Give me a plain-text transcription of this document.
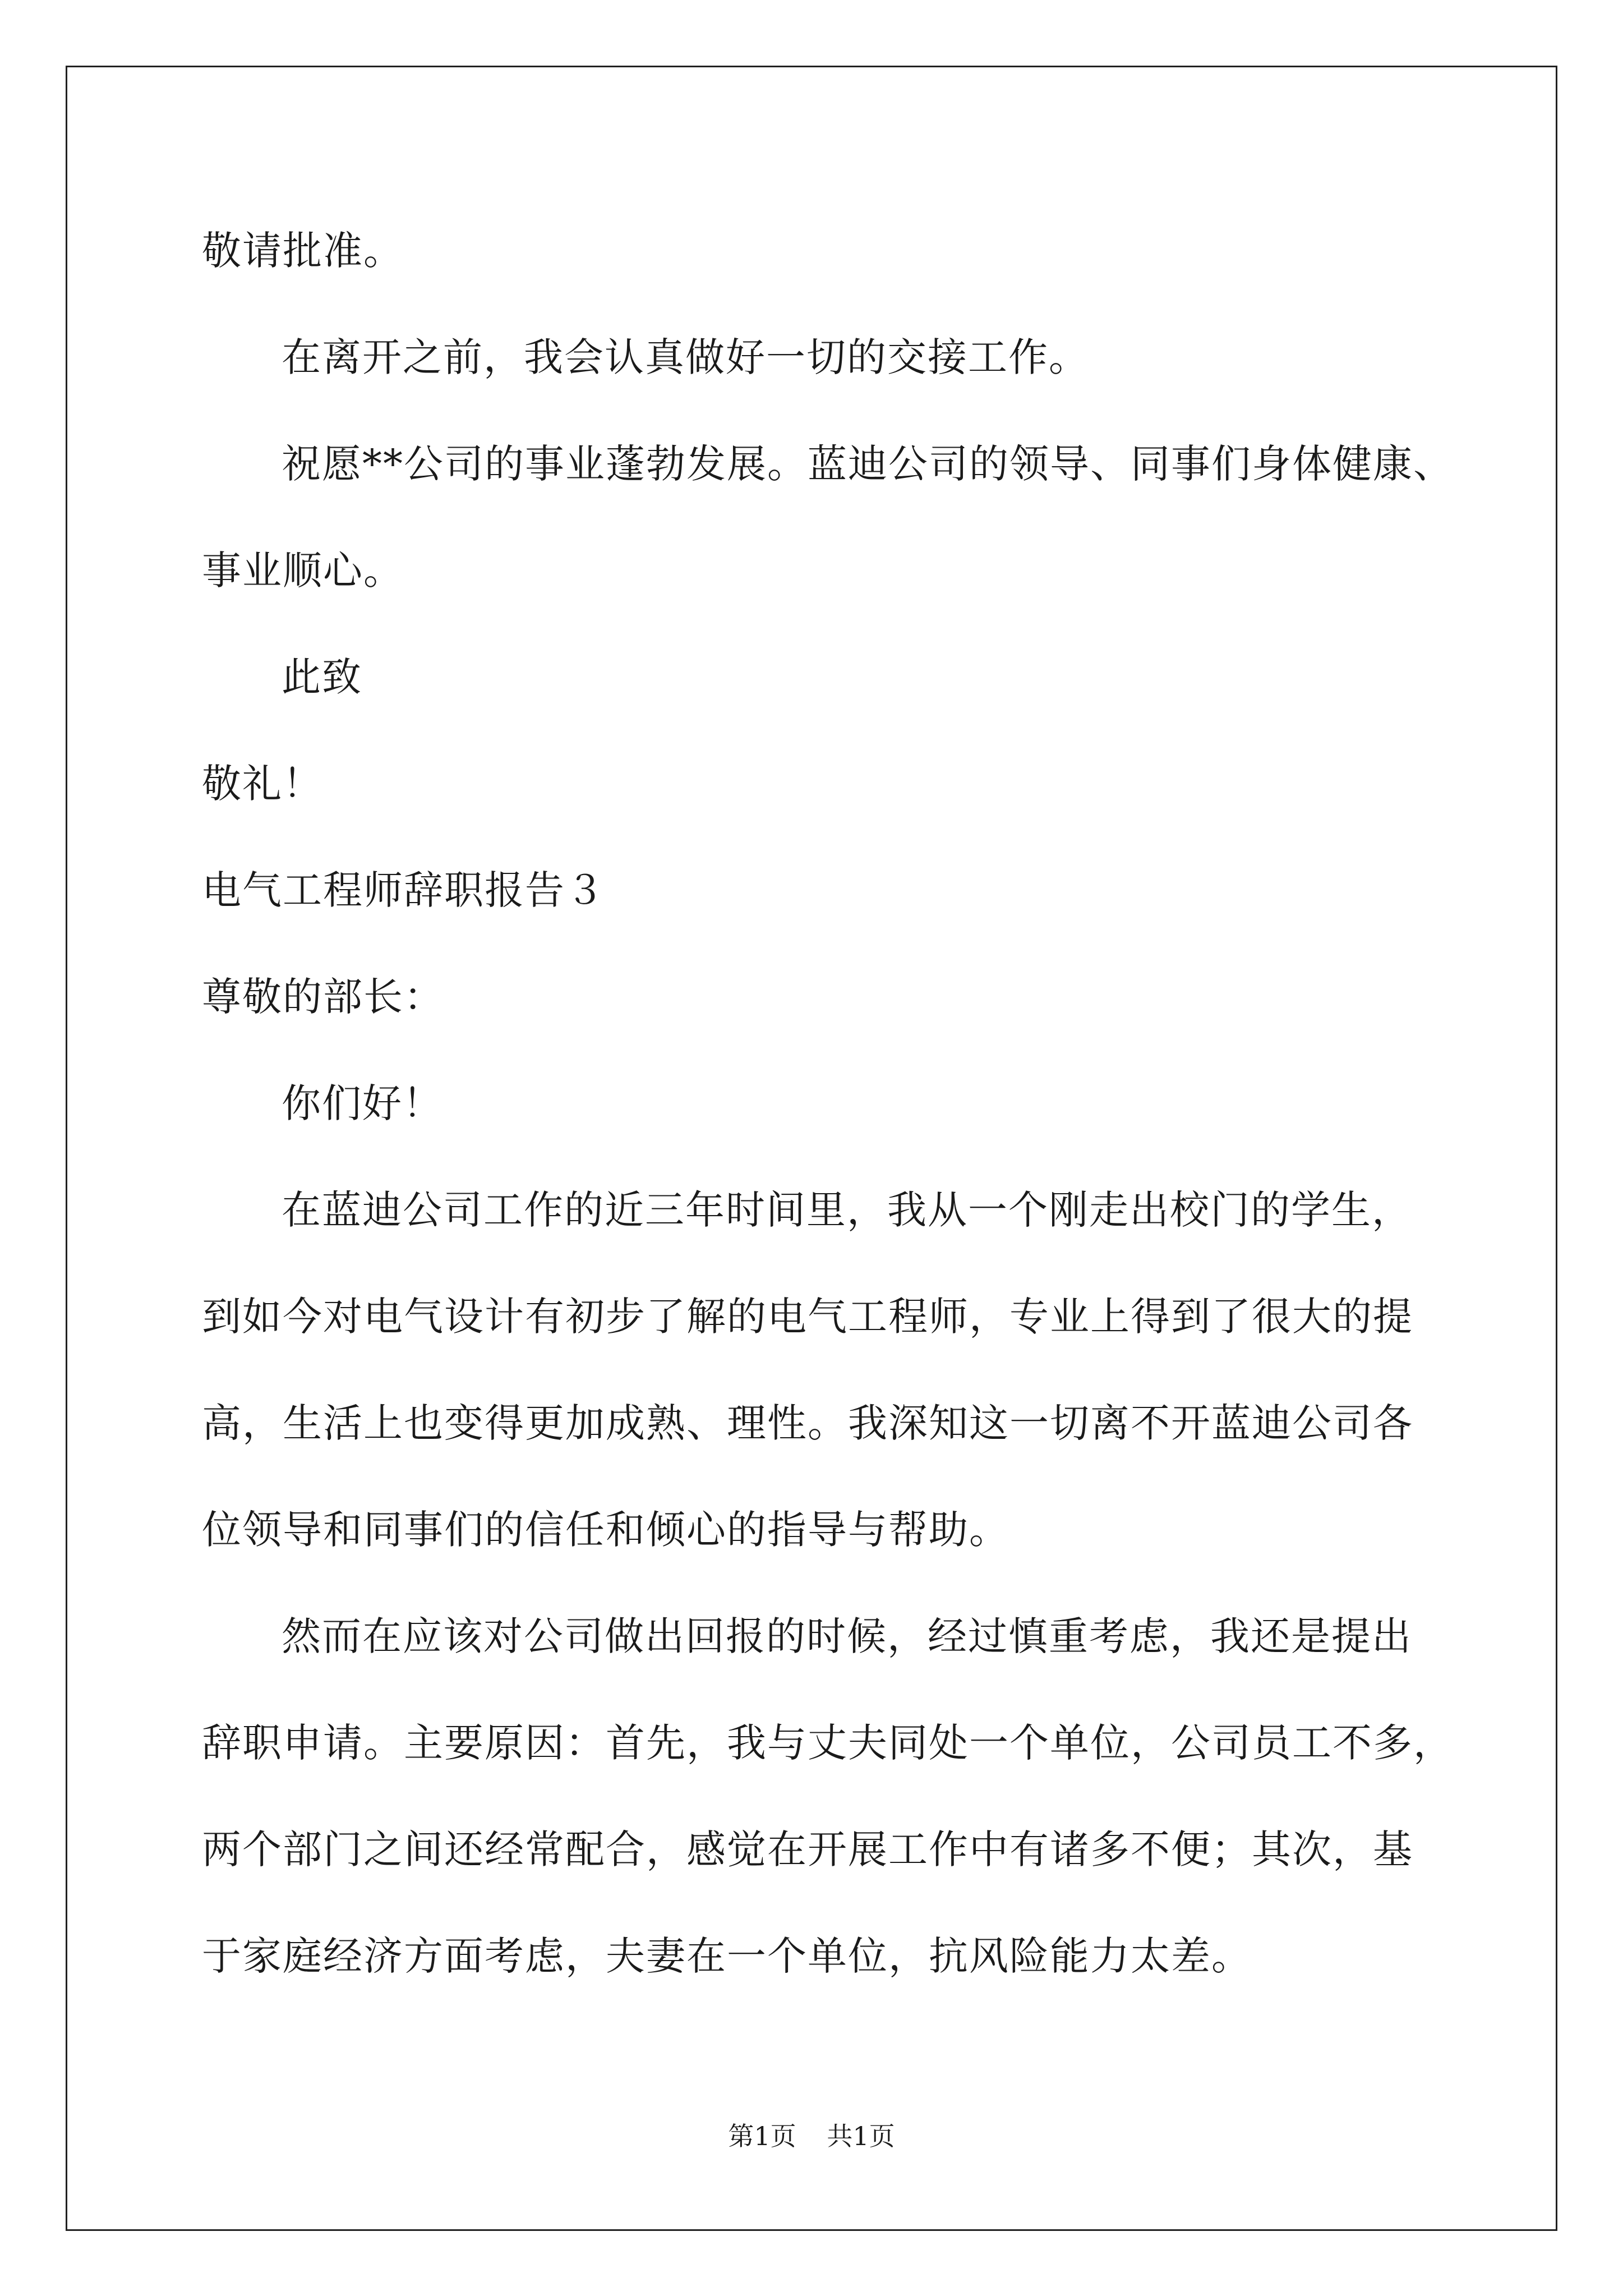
敬请批准。
在离开之前，我会认真做好一切的交接工作。
祝愿**公司的事业蓬勃发展。蓝迪公司的领导、同事们身体健康、
事业顺心。
此致
敬礼！
电气工程师辞职报告３
尊敬的部长：
你们好！
在蓝迪公司工作的近三年时间里，我从一个刚走出校门的学生，
到如今对电气设计有初步了解的电气工程师，专业上得到了很大的提
高，生活上也变得更加成熟、理性。我深知这一切离不开蓝迪公司各
位领导和同事们的信任和倾心的指导与帮助。
然而在应该对公司做出回报的时候，经过慎重考虑，我还是提出
辞职申请。主要原因：首先，我与丈夫同处一个单位，公司员工不多，
两个部门之间还经常配合，感觉在开展工作中有诸多不便；其次，基
于家庭经济方面考虑，夫妻在一个单位，抗风险能力太差。
第1页 共1页
